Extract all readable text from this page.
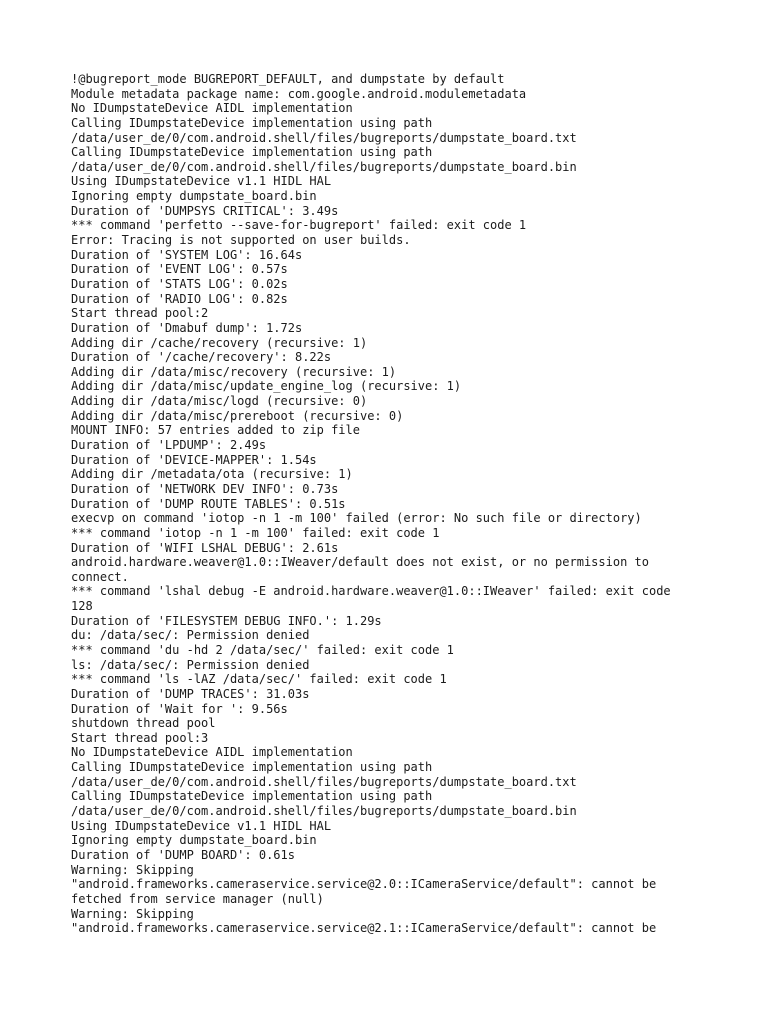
!@bugreport_mode BUGREPORT_DEFAULT, and dumpstate by default
Module metadata package name: com.google.android.modulemetadata
No IDumpstateDevice AIDL implementation
Calling IDumpstateDevice implementation using path
/data/user_de/0/com.android.shell/files/bugreports/dumpstate_board.txt
Calling IDumpstateDevice implementation using path
/data/user_de/0/com.android.shell/files/bugreports/dumpstate_board.bin
Using IDumpstateDevice v1.1 HIDL HAL
Ignoring empty dumpstate_board.bin
Duration of 'DUMPSYS CRITICAL': 3.49s
*** command 'perfetto --save-for-bugreport' failed: exit code 1
Error: Tracing is not supported on user builds.
Duration of 'SYSTEM LOG': 16.64s
Duration of 'EVENT LOG': 0.57s
Duration of 'STATS LOG': 0.02s
Duration of 'RADIO LOG': 0.82s
Start thread pool:2
Duration of 'Dmabuf dump': 1.72s
Adding dir /cache/recovery (recursive: 1)
Duration of '/cache/recovery': 8.22s
Adding dir /data/misc/recovery (recursive: 1)
Adding dir /data/misc/update_engine_log (recursive: 1)
Adding dir /data/misc/logd (recursive: 0)
Adding dir /data/misc/prereboot (recursive: 0)
MOUNT INFO: 57 entries added to zip file
Duration of 'LPDUMP': 2.49s
Duration of 'DEVICE-MAPPER': 1.54s
Adding dir /metadata/ota (recursive: 1)
Duration of 'NETWORK DEV INFO': 0.73s
Duration of 'DUMP ROUTE TABLES': 0.51s
execvp on command 'iotop -n 1 -m 100' failed (error: No such file or directory)
*** command 'iotop -n 1 -m 100' failed: exit code 1
Duration of 'WIFI LSHAL DEBUG': 2.61s
android.hardware.weaver@1.0::IWeaver/default does not exist, or no permission to
connect.
*** command 'lshal debug -E android.hardware.weaver@1.0::IWeaver' failed: exit code
128
Duration of 'FILESYSTEM DEBUG INFO.': 1.29s
du: /data/sec/: Permission denied
*** command 'du -hd 2 /data/sec/' failed: exit code 1
ls: /data/sec/: Permission denied
*** command 'ls -lAZ /data/sec/' failed: exit code 1
Duration of 'DUMP TRACES': 31.03s
Duration of 'Wait for ': 9.56s
shutdown thread pool
Start thread pool:3
No IDumpstateDevice AIDL implementation
Calling IDumpstateDevice implementation using path
/data/user_de/0/com.android.shell/files/bugreports/dumpstate_board.txt
Calling IDumpstateDevice implementation using path
/data/user_de/0/com.android.shell/files/bugreports/dumpstate_board.bin
Using IDumpstateDevice v1.1 HIDL HAL
Ignoring empty dumpstate_board.bin
Duration of 'DUMP BOARD': 0.61s
Warning: Skipping
"android.frameworks.cameraservice.service@2.0::ICameraService/default": cannot be
fetched from service manager (null)
Warning: Skipping
"android.frameworks.cameraservice.service@2.1::ICameraService/default": cannot be
